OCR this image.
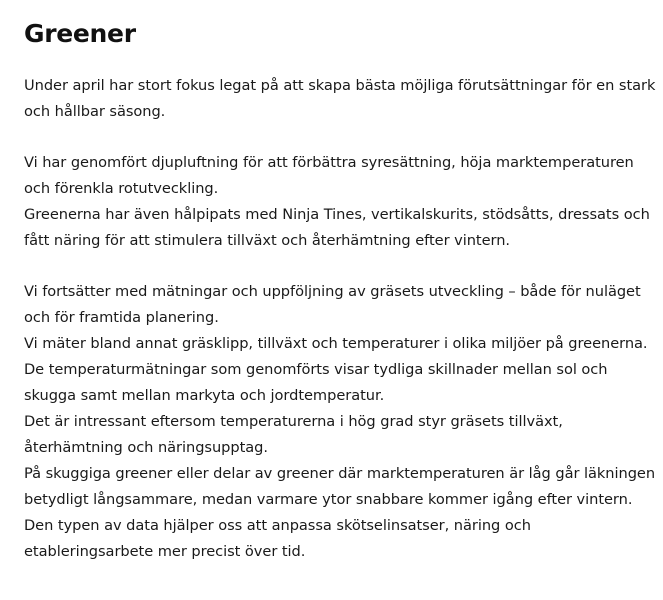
Greener

Under april har stort fokus legat på att skapa bästa möjliga förutsättningar för en stark
och hållbar säsong.

Vi har genomfört djupluftning för att förbättra syresättning, höja marktemperaturen
och förenkla rotutveckling.
Greenerna har även hålpipats med Ninja Tines, vertikalskurits, stödsåtts, dressats och
fått näring för att stimulera tillväxt och återhämtning efter vintern.

Vi fortsätter med mätningar och uppföljning av gräsets utveckling – både för nuläget
och för framtida planering.
Vi mäter bland annat gräsklipp, tillväxt och temperaturer i olika miljöer på greenerna.
De temperaturmätningar som genomförts visar tydliga skillnader mellan sol och
skugga samt mellan markyta och jordtemperatur.
Det är intressant eftersom temperaturerna i hög grad styr gräsets tillväxt,
återhämtning och näringsupptag.
På skuggiga greener eller delar av greener där marktemperaturen är låg går läkningen
betydligt långsammare, medan varmare ytor snabbare kommer igång efter vintern.
Den typen av data hjälper oss att anpassa skötselinsatser, näring och
etableringsarbete mer precist över tid.
